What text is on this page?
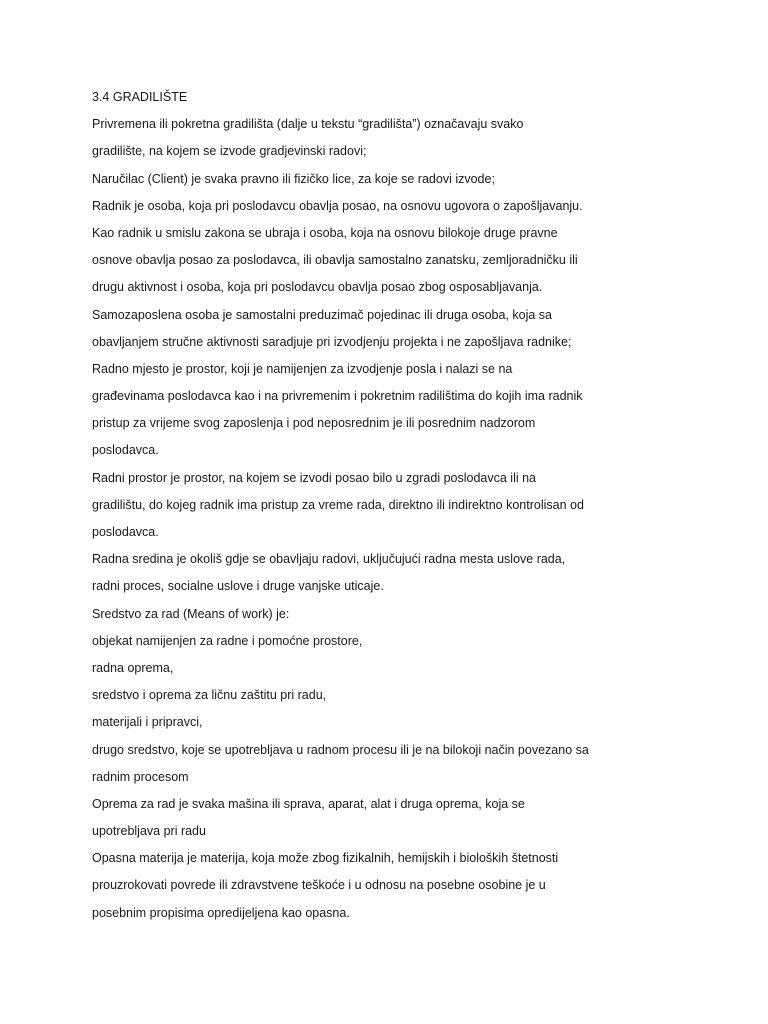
3.4 GRADILIŠTE

Privremena ili pokretna gradilišta (dalje u tekstu “gradilišta”) označavaju svako

gradilište, na kojem se izvode gradjevinski radovi;

Naručilac (Client) je svaka pravno ili fizičko lice, za koje se radovi izvode;

Radnik je osoba, koja pri poslodavcu obavlja posao, na osnovu ugovora o zapošljavanju.

Kao radnik u smislu zakona se ubraja i osoba, koja na osnovu bilokoje druge pravne

osnove obavlja posao za poslodavca, ili obavlja samostalno zanatsku, zemljoradničku ili

drugu aktivnost i osoba, koja pri poslodavcu obavlja posao zbog osposabljavanja.

Samozaposlena osoba je samostalni preduzimač pojedinac ili druga osoba, koja sa

obavljanjem stručne aktivnosti saradjuje pri izvodjenju projekta i ne zapošljava radnike;

Radno mjesto je prostor, koji je namijenjen za izvodjenje posla i nalazi se na

građevinama poslodavca kao i na privremenim i pokretnim radilištima do kojih ima radnik

pristup za vrijeme svog zaposlenja i pod neposrednim je ili posrednim nadzorom

poslodavca.

Radni prostor je prostor, na kojem se izvodi posao bilo u zgradi poslodavca ili na

gradilištu, do kojeg radnik ima pristup za vreme rada, direktno ili indirektno kontrolisan od

poslodavca.

Radna sredina je okoliš gdje se obavljaju radovi, uključujući radna mesta uslove rada,

radni proces, socialne uslove i druge vanjske uticaje.

Sredstvo za rad (Means of work) je:

objekat namijenjen za radne i pomoćne prostore,

radna oprema,

sredstvo i oprema za ličnu zaštitu pri radu,

materijali i pripravci,

drugo sredstvo, koje se upotrebljava u radnom procesu ili je na bilokoji način povezano sa

radnim procesom

Oprema za rad je svaka mašina ili sprava, aparat, alat i druga oprema, koja se

upotrebljava pri radu

Opasna materija je materija, koja može zbog fizikalnih, hemijskih i bioloških štetnosti

prouzrokovati povrede ili zdravstvene teškoće i u odnosu na posebne osobine je u

posebnim propisima opredijeljena kao opasna.
